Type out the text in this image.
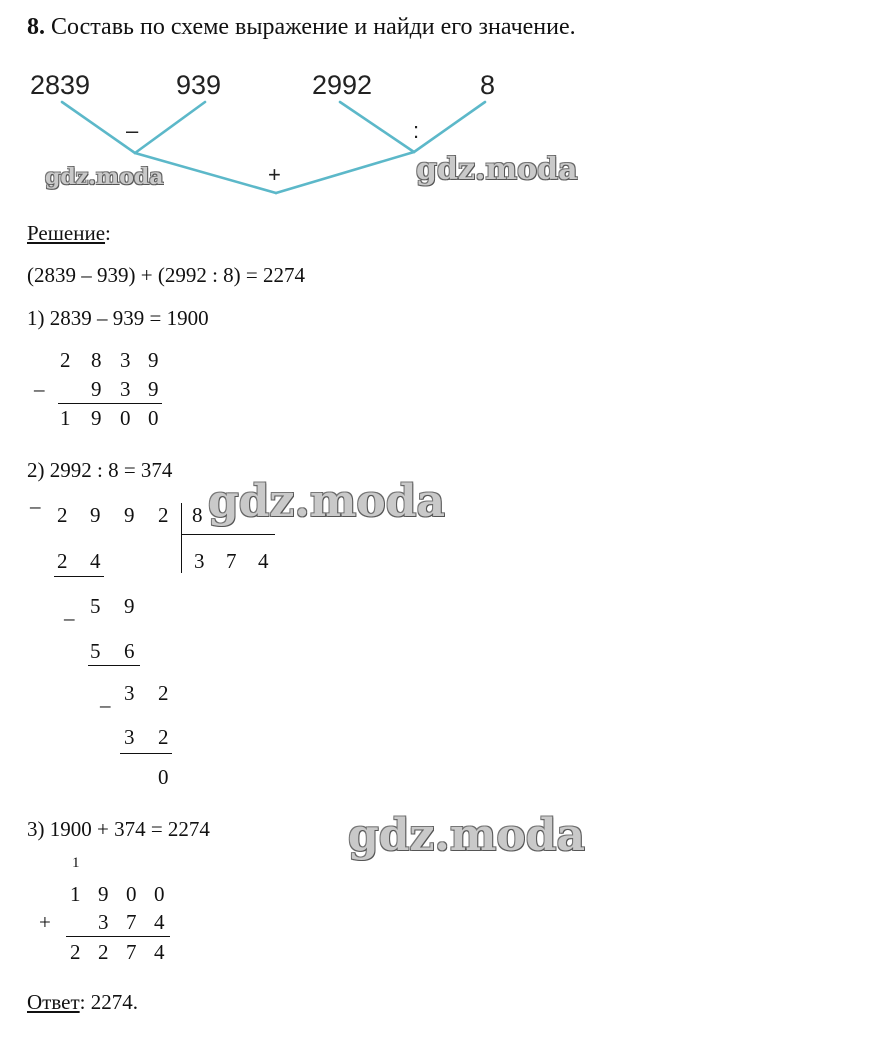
8. Составь по схеме выражение и найди его значение.
2839	939	2992	8
–	:
+
gdz.moda	gdz.moda
gdz.moda
gdz.moda
Решение:
(2839 – 939) + (2992 : 8) = 2274
1) 2839 – 939 = 1900
2 8 3 9
– 9 3 9
1 9 0 0
2) 2992 : 8 = 374
– 2 9 9 2 8
3 7 4
2 4
– 5 9
5 6
– 3 2
3 2
0
3) 1900 + 374 = 2274
1
1 9 0 0
+ 3 7 4
2 2 7 4
Ответ: 2274.
